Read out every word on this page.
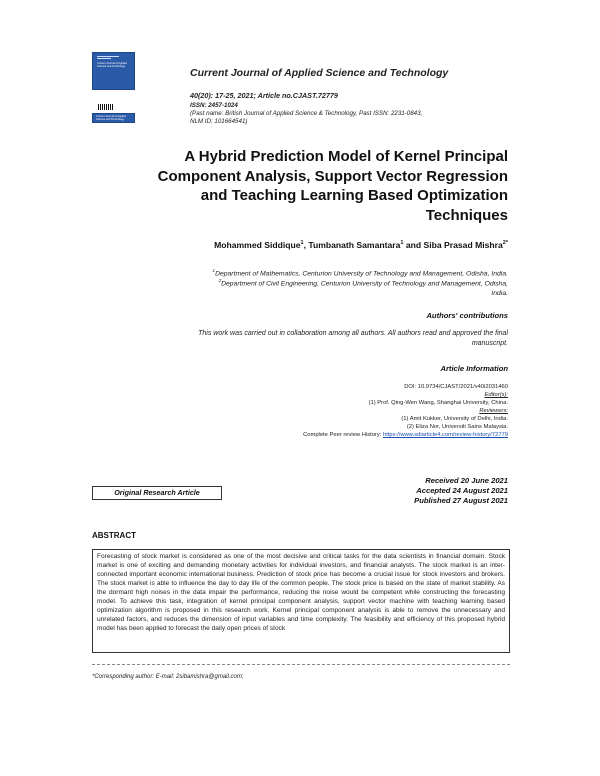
Current Journal of Applied Science and Technology
Current Journal of Applied Science and Technology
Current Journal of Applied Science and Technology
40(20): 17-25, 2021; Article no.CJAST.72779
ISSN: 2457-1024
(Past name: British Journal of Applied Science & Technology, Past ISSN: 2231-0843,
NLM ID: 101664541)
A Hybrid Prediction Model of Kernel Principal
Component Analysis, Support Vector Regression
and Teaching Learning Based Optimization
Techniques
Mohammed Siddique$^1$, Tumbanath Samantara$^1$ and Siba Prasad Mishra$^{2*}$
$^1$Department of Mathematics, Centurion University of Technology and Management, Odisha, India.
$^2$Department of Civil Engineering, Centurion University of Technology and Management, Odisha,
India.
Authors' contributions
This work was carried out in collaboration among all authors. All authors read and approved the final
manuscript.
Article Information
DOI: 10.9734/CJAST/2021/v40i2031460
Editor(s):
(1) Prof. Qing-Wen Wang, Shanghai University, China.
Reviewers:
(1) Amit Kukker, University of Delhi, India.
(2) Eliza Nor, Universiti Sains Malaysia.
Complete Peer review History: https://www.sdiarticle4.com/review-history/72779
Received 20 June 2021
Accepted 24 August 2021
Published 27 August 2021
Original Research Article
ABSTRACT
Forecasting of stock market is considered as one of the most decisive and critical tasks for the data scientists in financial domain. Stock market is one of exciting and demanding monetary activities for individual investors, and financial analysts. The stock market is an inter-connected important economic international business. Prediction of stock price has become a crucial issue for stock investors and brokers. The stock market is able to influence the day to day life of the common people. The stock price is based on the state of market stability. As the dormant high noises in the data impair the performance, reducing the noise would be competent while constructing the forecasting model. To achieve this task, integration of kernel principal component analysis, support vector machine with teaching learning based optimization algorithm is proposed in this research work. Kernel principal component analysis is able to remove the unnecessary and unrelated factors, and reduces the dimension of input variables and time complexity. The feasibility and efficiency of this proposed hybrid model has been applied to forecast the daily open prices of stock
*Corresponding author: E-mail: 2sibamishra@gmail.com;
